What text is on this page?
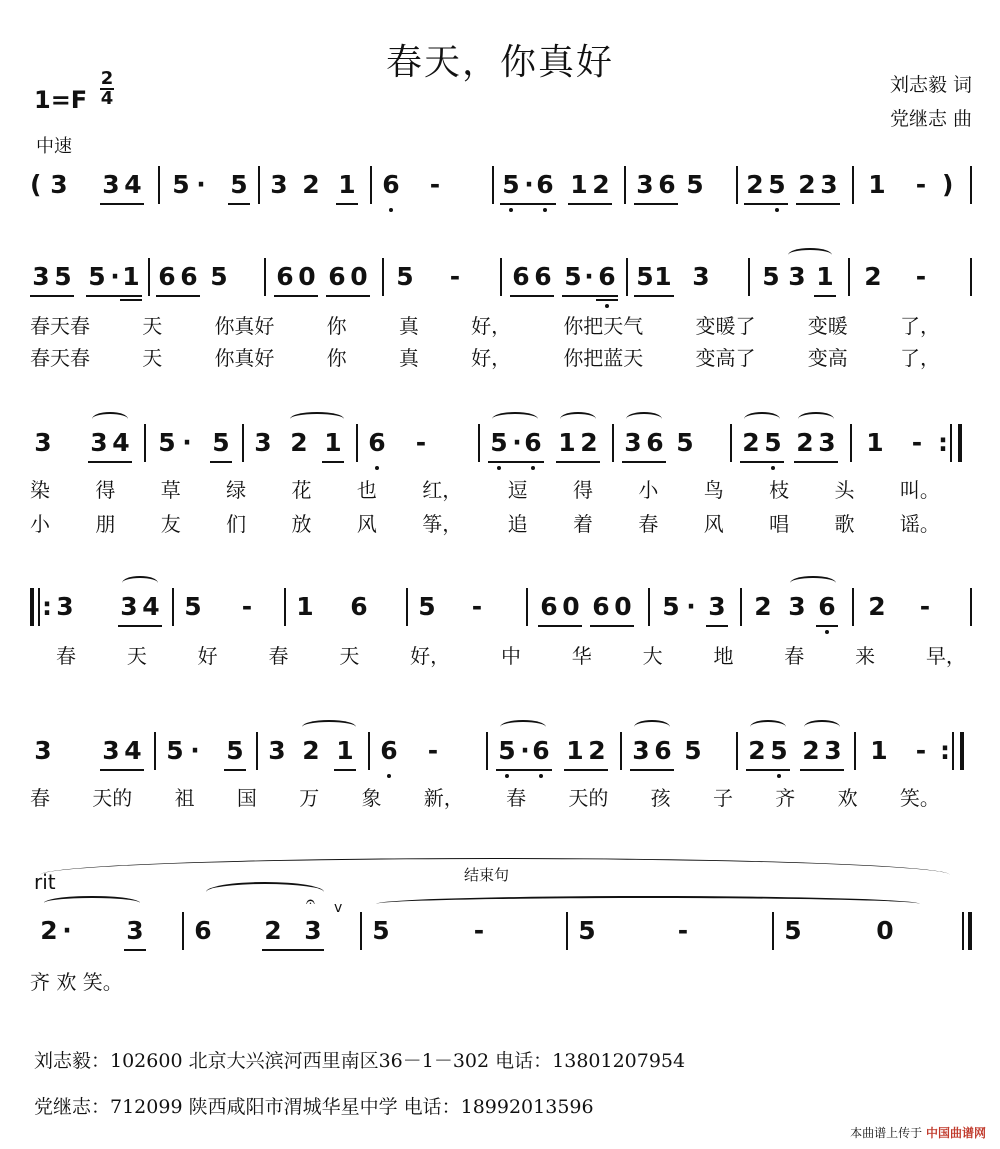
春天，你真好
刘志毅 词
党继志 曲
1=F
2

4
中速
( 3 3 4 5 · 5 3 2 1 6 - 5 · 6 1 2 3 6 5 2 5 2 3 1 - )
3 5 5 · 1 6 6 5 6 0 6 0 5 - 6 6 5 · 6 5 1 3 5 3 1 2 -
春天春	天	你真好	你	真	好，	你把天气	变暖了	变暖	了，
春天春	天	你真好	你	真	好，	你把蓝天	变高了	变高	了，
3 3 4 5 · 5 3 2 1 6 -	5 · 6 1 2 3 6 5 2 5 2 3 1 - :
染 得 草 绿 花 也 红， 逗 得 小 鸟 枝 头 叫。
小 朋 友 们 放 风 筝， 追 着 春 风 唱 歌 谣。
: 3 3 4 5 - 1 6 5 - 6 0 6 0 5 · 3 2 3 6 2 -
春	天	好	春	天	好，	中	华	大	地	春	来	早，
3 3 4 5 · 5 3 2 1 6 - 5 · 6 1 2 3 6 5 2 5 2 3 1 - :
春 天的 祖 国 万 象 新， 春 天的 孩 子 齐 欢 笑。
结束句
rit
2 · 3 6 2 3
𝄐 v
5	-	5	-	5	0
齐 欢 笑。
刘志毅：102600 北京大兴滨河西里南区36－1－302 电话：13801207954
党继志：712099 陕西咸阳市渭城华星中学 电话：18992013596
本曲谱上传于 中国曲谱网
